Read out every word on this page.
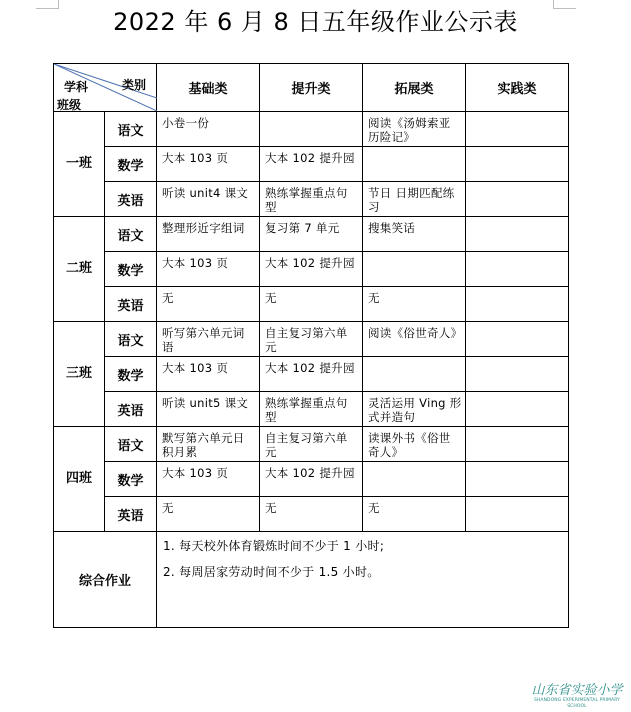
2022 年 6 月 8 日五年级作业公示表
学科 类别
班级		基础类	提升类	拓展类	实践类
一班	语文	小卷一份		阅读《汤姆索亚历险记》	
	数学	大本 103 页	大本 102 提升园		
	英语	听读 unit4 课文	熟练掌握重点句型	节日 日期匹配练习	
二班	语文	整理形近字组词	复习第 7 单元	搜集笑话	
	数学	大本 103 页	大本 102 提升园		
	英语	无	无	无	
三班	语文	听写第六单元词语	自主复习第六单元	阅读《俗世奇人》	
	数学	大本 103 页	大本 102 提升园		
	英语	听读 unit5 课文	熟练掌握重点句型	灵活运用 Ving 形式并造句	
四班	语文	默写第六单元日积月累	自主复习第六单元	读课外书《俗世奇人》	
	数学	大本 103 页	大本 102 提升园		
	英语	无	无	无	
综合作业		1. 每天校外体育锻炼时间不少于 1 小时;
2. 每周居家劳动时间不少于 1.5 小时。			
山东省实验小学
SHANDONG EXPERIMENTAL PRIMARY SCHOOL
